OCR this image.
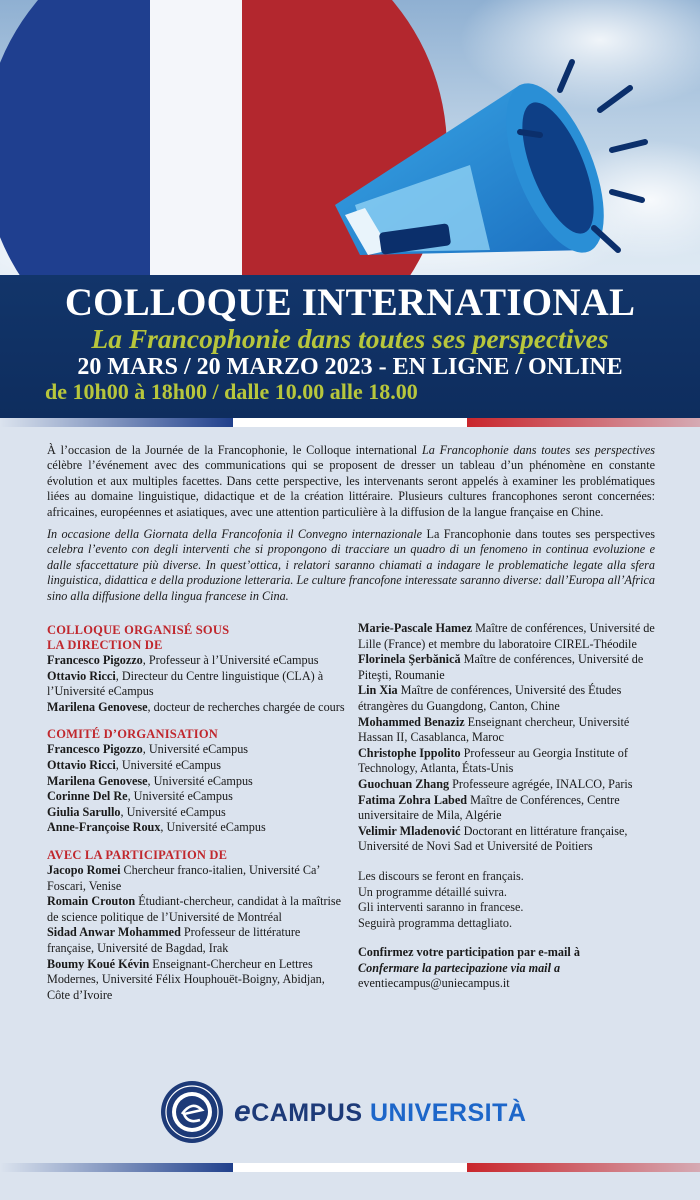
COLLOQUE INTERNATIONAL
La Francophonie dans toutes ses perspectives
20 MARS / 20 MARZO 2023 - EN LIGNE / ONLINE
de 10h00 à 18h00 / dalle 10.00 alle 18.00

À l’occasion de la Journée de la Francophonie, le Colloque international La Francophonie dans toutes ses perspectives célèbre l’événement avec des communications qui se proposent de dresser un tableau d’un phénomène en constante évolution et aux multiples facettes. Dans cette perspective, les intervenants seront appelés à examiner les problématiques liées au domaine linguistique, didactique et de la création littéraire. Plusieurs cultures francophones seront concernées: africaines, européennes et asiatiques, avec une attention particulière à la diffusion de la langue française en Chine.

In occasione della Giornata della Francofonia il Convegno internazionale La Francophonie dans toutes ses perspectives celebra l’evento con degli interventi che si propongono di tracciare un quadro di un fenomeno in continua evoluzione e dalle sfaccettature più diverse. In quest’ottica, i relatori saranno chiamati a indagare le problematiche legate alla sfera linguistica, didattica e della produzione letteraria. Le culture francofone interessate saranno diverse: dall’Europa all’Africa sino alla diffusione della lingua francese in Cina.

COLLOQUE ORGANISÉ SOUS
LA DIRECTION DE
Francesco Pigozzo, Professeur à l’Université eCampus
Ottavio Ricci, Directeur du Centre linguistique (CLA) à l’Université eCampus
Marilena Genovese, docteur de recherches chargée de cours
COMITÉ D’ORGANISATION
Francesco Pigozzo, Université eCampus
Ottavio Ricci, Université eCampus
Marilena Genovese, Université eCampus
Corinne Del Re, Université eCampus
Giulia Sarullo, Université eCampus
Anne-Françoise Roux, Université eCampus
AVEC LA PARTICIPATION DE
Jacopo Romei Chercheur franco-italien, Université Ca’ Foscari, Venise
Romain Crouton Étudiant-chercheur, candidat à la maîtrise de science politique de l’Université de Montréal
Sidad Anwar Mohammed Professeur de littérature française, Université de Bagdad, Irak
Boumy Koué Kévin Enseignant-Chercheur en Lettres Modernes, Université Félix Houphouët-Boigny, Abidjan, Côte d’Ivoire
Marie-Pascale Hamez Maître de conférences, Université de Lille (France) et membre du laboratoire CIREL-Théodile
Florinela Şerbănică Maître de conférences, Université de Piteşti, Roumanie
Lin Xia Maître de conférences, Université des Études étrangères du Guangdong, Canton, Chine
Mohammed Benaziz Enseignant chercheur, Université Hassan II, Casablanca, Maroc
Christophe Ippolito Professeur au Georgia Institute of Technology, Atlanta, États-Unis
Guochuan Zhang Professeure agrégée, INALCO, Paris
Fatima Zohra Labed Maître de Conférences, Centre universitaire de Mila, Algérie
Velimir Mladenović Doctorant en littérature française, Université de Novi Sad et Université de Poitiers
Les discours se feront en français.
Un programme détaillé suivra.
Gli interventi saranno in francese.
Seguirà programma dettagliato.
Confirmez votre participation par e-mail à
Confermare la partecipazione via mail a
eventiecampus@uniecampus.it
eCAMPUS UNIVERSITÀ
